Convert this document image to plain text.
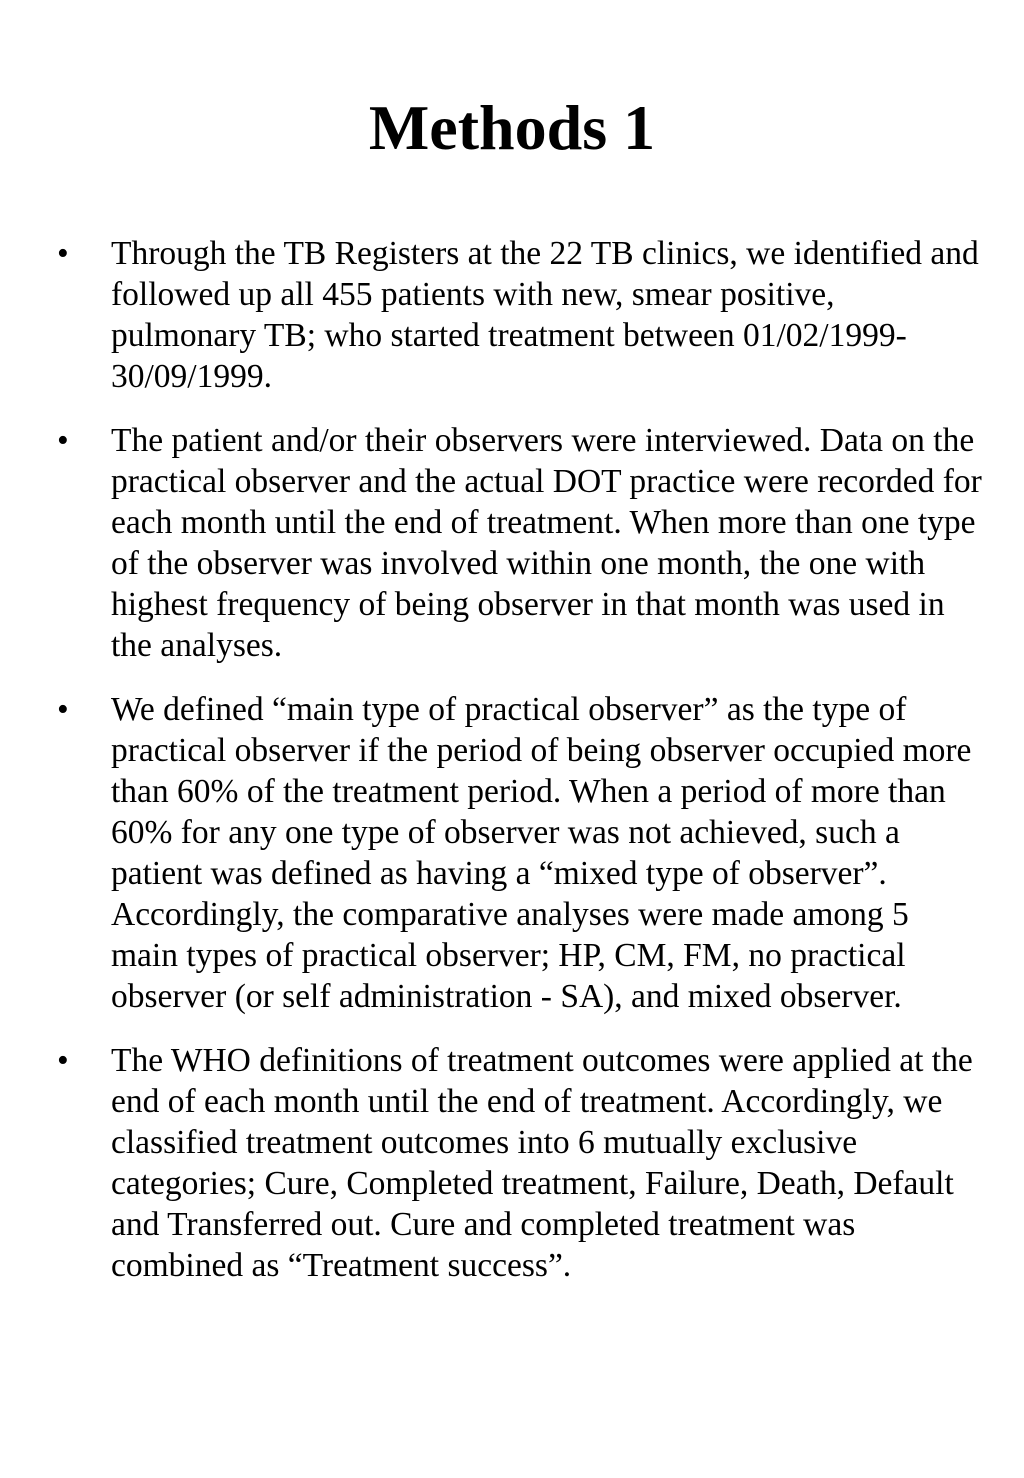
Methods 1
• Through the TB Registers at the 22 TB clinics, we identified and followed up all 455 patients with new, smear positive, pulmonary TB; who started treatment between 01/02/1999-30/09/1999.
• The patient and/or their observers were interviewed. Data on the practical observer and the actual DOT practice were recorded for each month until the end of treatment. When more than one type of the observer was involved within one month, the one with highest frequency of being observer in that month was used in the analyses.
• We defined “main type of practical observer” as the type of practical observer if the period of being observer occupied more than 60% of the treatment period. When a period of more than 60% for any one type of observer was not achieved, such a patient was defined as having a “mixed type of observer”. Accordingly, the comparative analyses were made among 5 main types of practical observer; HP, CM, FM, no practical observer (or self administration - SA), and mixed observer.
• The WHO definitions of treatment outcomes were applied at the end of each month until the end of treatment. Accordingly, we classified treatment outcomes into 6 mutually exclusive categories; Cure, Completed treatment, Failure, Death, Default and Transferred out. Cure and completed treatment was combined as “Treatment success”.
